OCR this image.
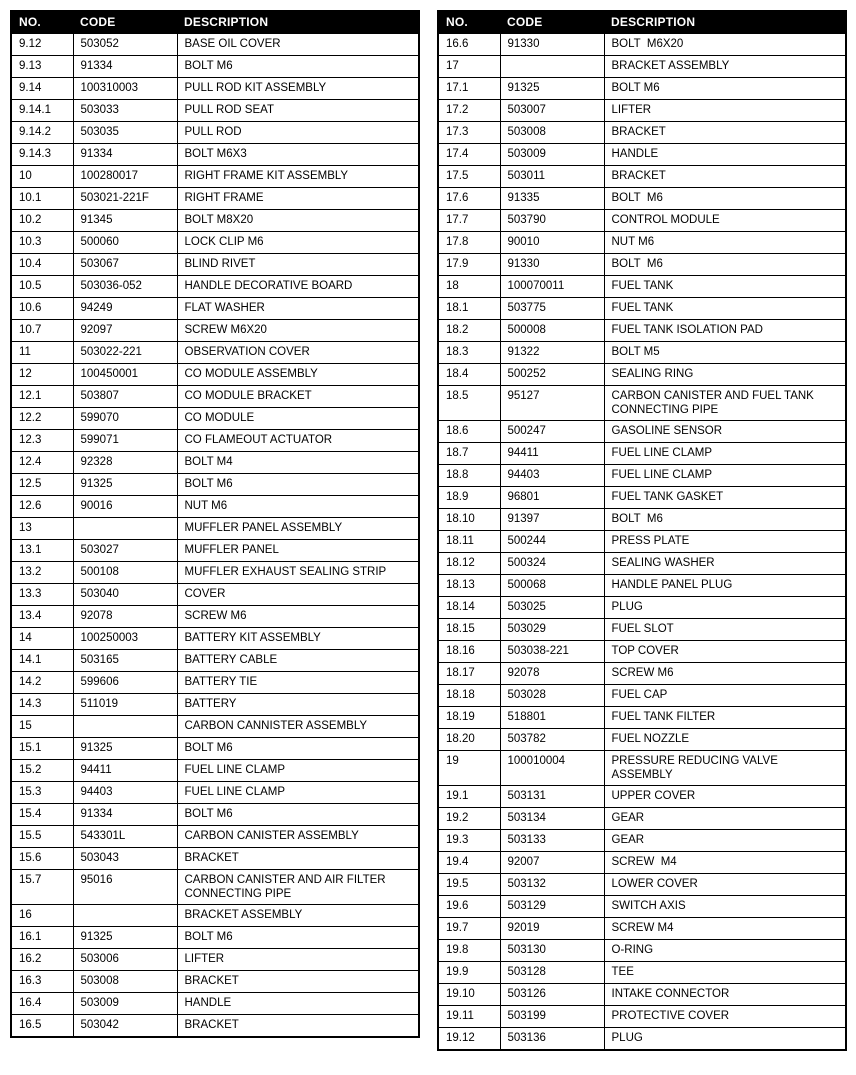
NO.	CODE	DESCRIPTION
9.12	503052	BASE OIL COVER
9.13	91334	BOLT M6
9.14	100310003	PULL ROD KIT ASSEMBLY
9.14.1	503033	PULL ROD SEAT
9.14.2	503035	PULL ROD
9.14.3	91334	BOLT M6X3
10	100280017	RIGHT FRAME KIT ASSEMBLY
10.1	503021-221F	RIGHT FRAME
10.2	91345	BOLT M8X20
10.3	500060	LOCK CLIP M6
10.4	503067	BLIND RIVET
10.5	503036-052	HANDLE DECORATIVE BOARD
10.6	94249	FLAT WASHER
10.7	92097	SCREW M6X20
11	503022-221	OBSERVATION COVER
12	100450001	CO MODULE ASSEMBLY
12.1	503807	CO MODULE BRACKET
12.2	599070	CO MODULE
12.3	599071	CO FLAMEOUT ACTUATOR
12.4	92328	BOLT M4
12.5	91325	BOLT M6
12.6	90016	NUT M6
13		MUFFLER PANEL ASSEMBLY
13.1	503027	MUFFLER PANEL
13.2	500108	MUFFLER EXHAUST SEALING STRIP
13.3	503040	COVER
13.4	92078	SCREW M6
14	100250003	BATTERY KIT ASSEMBLY
14.1	503165	BATTERY CABLE
14.2	599606	BATTERY TIE
14.3	511019	BATTERY
15		CARBON CANNISTER ASSEMBLY
15.1	91325	BOLT M6
15.2	94411	FUEL LINE CLAMP
15.3	94403	FUEL LINE CLAMP
15.4	91334	BOLT M6
15.5	543301L	CARBON CANISTER ASSEMBLY
15.6	503043	BRACKET
15.7	95016	CARBON CANISTER AND AIR FILTER CONNECTING PIPE
16		BRACKET ASSEMBLY
16.1	91325	BOLT M6
16.2	503006	LIFTER
16.3	503008	BRACKET
16.4	503009	HANDLE
16.5	503042	BRACKET
NO.	CODE	DESCRIPTION
16.6	91330	BOLT  M6X20
17		BRACKET ASSEMBLY
17.1	91325	BOLT M6
17.2	503007	LIFTER
17.3	503008	BRACKET
17.4	503009	HANDLE
17.5	503011	BRACKET
17.6	91335	BOLT  M6
17.7	503790	CONTROL MODULE
17.8	90010	NUT M6
17.9	91330	BOLT  M6
18	100070011	FUEL TANK
18.1	503775	FUEL TANK
18.2	500008	FUEL TANK ISOLATION PAD
18.3	91322	BOLT M5
18.4	500252	SEALING RING
18.5	95127	CARBON CANISTER AND FUEL TANK CONNECTING PIPE
18.6	500247	GASOLINE SENSOR
18.7	94411	FUEL LINE CLAMP
18.8	94403	FUEL LINE CLAMP
18.9	96801	FUEL TANK GASKET
18.10	91397	BOLT  M6
18.11	500244	PRESS PLATE
18.12	500324	SEALING WASHER
18.13	500068	HANDLE PANEL PLUG
18.14	503025	PLUG
18.15	503029	FUEL SLOT
18.16	503038-221	TOP COVER
18.17	92078	SCREW M6
18.18	503028	FUEL CAP
18.19	518801	FUEL TANK FILTER
18.20	503782	FUEL NOZZLE
19	100010004	PRESSURE REDUCING VALVE ASSEMBLY
19.1	503131	UPPER COVER
19.2	503134	GEAR
19.3	503133	GEAR
19.4	92007	SCREW  M4
19.5	503132	LOWER COVER
19.6	503129	SWITCH AXIS
19.7	92019	SCREW M4
19.8	503130	O-RING
19.9	503128	TEE
19.10	503126	INTAKE CONNECTOR
19.11	503199	PROTECTIVE COVER
19.12	503136	PLUG
